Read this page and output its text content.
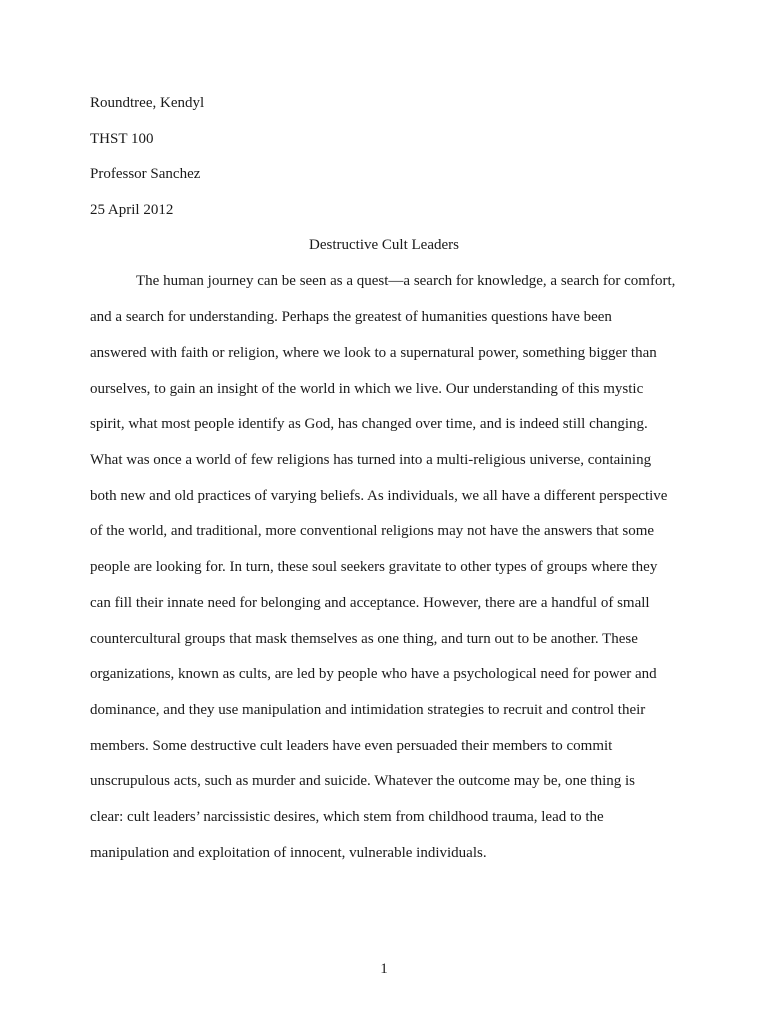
Roundtree, Kendyl
THST 100
Professor Sanchez
25 April 2012
Destructive Cult Leaders
The human journey can be seen as a quest—a search for knowledge, a search for comfort,
and a search for understanding. Perhaps the greatest of humanities questions have been
answered with faith or religion, where we look to a supernatural power, something bigger than
ourselves, to gain an insight of the world in which we live. Our understanding of this mystic
spirit, what most people identify as God, has changed over time, and is indeed still changing.
What was once a world of few religions has turned into a multi-religious universe, containing
both new and old practices of varying beliefs. As individuals, we all have a different perspective
of the world, and traditional, more conventional religions may not have the answers that some
people are looking for. In turn, these soul seekers gravitate to other types of groups where they
can fill their innate need for belonging and acceptance. However, there are a handful of small
countercultural groups that mask themselves as one thing, and turn out to be another. These
organizations, known as cults, are led by people who have a psychological need for power and
dominance, and they use manipulation and intimidation strategies to recruit and control their
members. Some destructive cult leaders have even persuaded their members to commit
unscrupulous acts, such as murder and suicide. Whatever the outcome may be, one thing is
clear: cult leaders’ narcissistic desires, which stem from childhood trauma, lead to the
manipulation and exploitation of innocent, vulnerable individuals.
1
